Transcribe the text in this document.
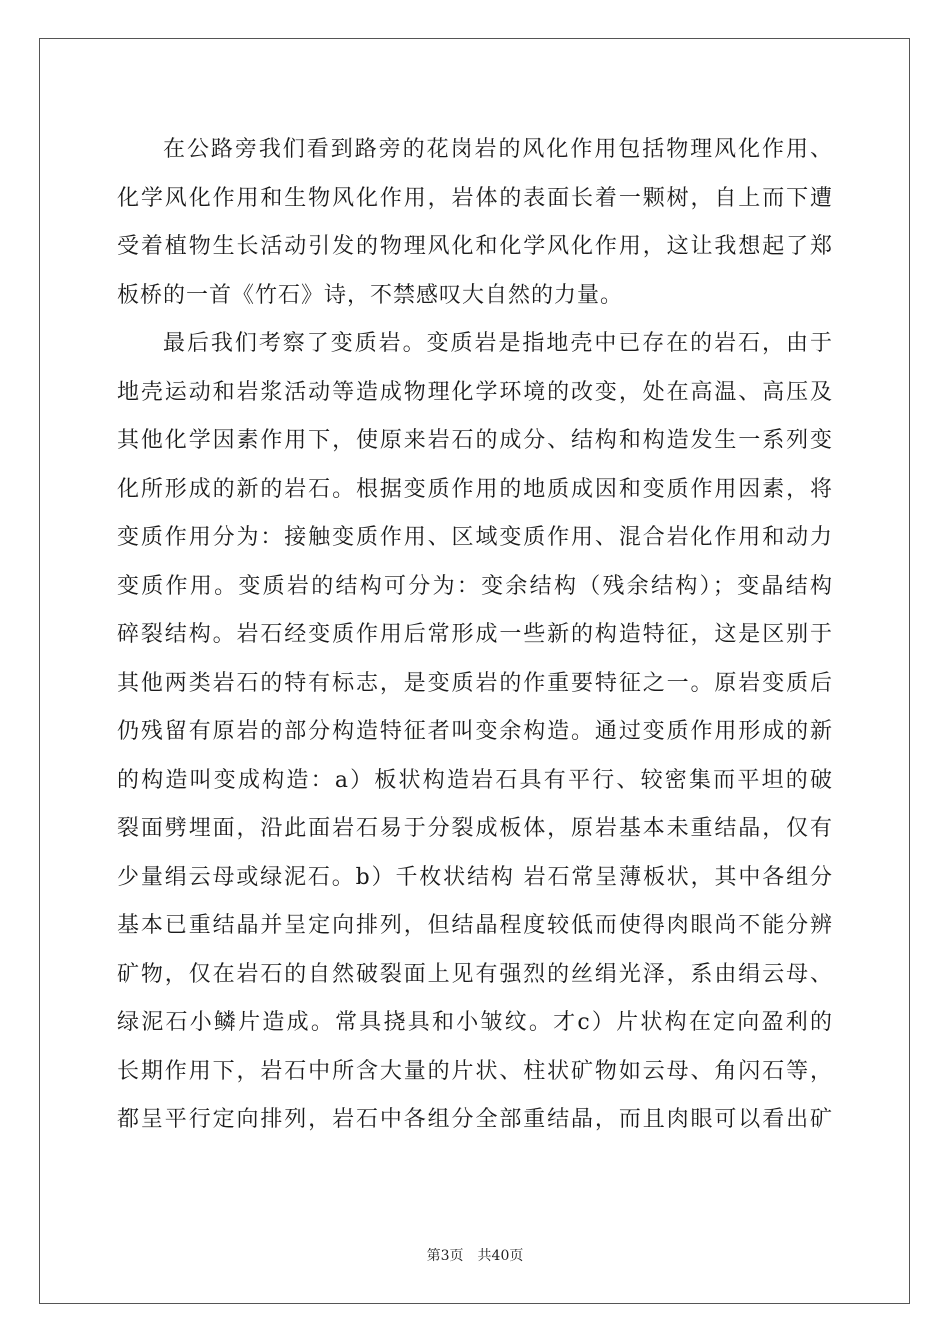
在公路旁我们看到路旁的花岗岩的风化作用包括物理风化作用、
化学风化作用和生物风化作用，岩体的表面长着一颗树，自上而下遭
受着植物生长活动引发的物理风化和化学风化作用，这让我想起了郑
板桥的一首《竹石》诗，不禁感叹大自然的力量。
最后我们考察了变质岩。变质岩是指地壳中已存在的岩石，由于
地壳运动和岩浆活动等造成物理化学环境的改变，处在高温、高压及
其他化学因素作用下，使原来岩石的成分、结构和构造发生一系列变
化所形成的新的岩石。根据变质作用的地质成因和变质作用因素，将
变质作用分为：接触变质作用、区域变质作用、混合岩化作用和动力
变质作用。变质岩的结构可分为：变余结构（残余结构）；变晶结构
碎裂结构。岩石经变质作用后常形成一些新的构造特征，这是区别于
其他两类岩石的特有标志，是变质岩的作重要特征之一。原岩变质后
仍残留有原岩的部分构造特征者叫变余构造。通过变质作用形成的新
的构造叫变成构造：a）板状构造岩石具有平行、较密集而平坦的破
裂面劈埋面，沿此面岩石易于分裂成板体，原岩基本未重结晶，仅有
少量绢云母或绿泥石。b）千枚状结构 岩石常呈薄板状，其中各组分
基本已重结晶并呈定向排列，但结晶程度较低而使得肉眼尚不能分辨
矿物，仅在岩石的自然破裂面上见有强烈的丝绢光泽，系由绢云母、
绿泥石小鳞片造成。常具挠具和小皱纹。才c）片状构在定向盈利的
长期作用下，岩石中所含大量的片状、柱状矿物如云母、角闪石等，
都呈平行定向排列，岩石中各组分全部重结晶，而且肉眼可以看出矿
第3页 共40页
